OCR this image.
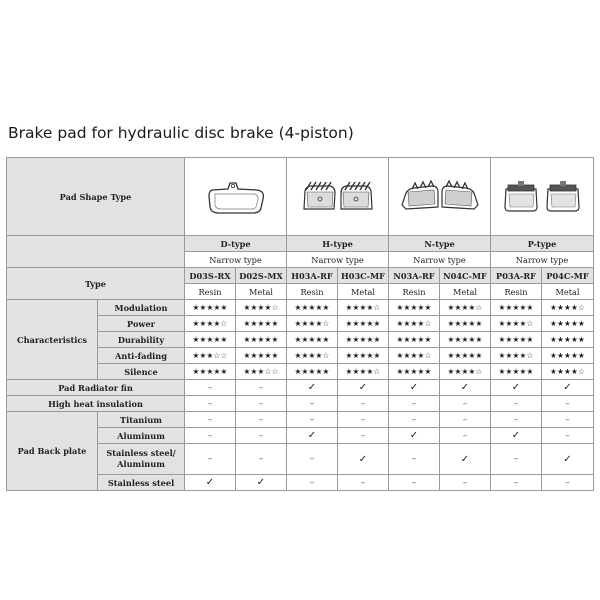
Brake pad for hydraulic disc brake (4-piston)
Pad Shape Type	

		D-type		H-type		N-type		P-type	
		Narrow type		Narrow type		Narrow type		Narrow type	
Type		D03S-RX	D02S-MX	H03A-RF	H03C-MF	N03A-RF	N04C-MF	P03A-RF	P04C-MF
		Resin	Metal	Resin	Metal	Resin	Metal	Resin	Metal
Characteristics	Modulation	★★★★★	★★★★☆	★★★★★	★★★★☆	★★★★★	★★★★☆	★★★★★	★★★★☆
	Power	★★★★☆	★★★★★	★★★★☆	★★★★★	★★★★☆	★★★★★	★★★★☆	★★★★★
	Durability	★★★★★	★★★★★	★★★★★	★★★★★	★★★★★	★★★★★	★★★★★	★★★★★
	Anti-fading	★★★☆☆	★★★★★	★★★★☆	★★★★★	★★★★☆	★★★★★	★★★★☆	★★★★★
	Silence	★★★★★	★★★☆☆	★★★★★	★★★★☆	★★★★★	★★★★☆	★★★★★	★★★★☆
Pad Radiator fin		–	–	✓	✓	✓	✓	✓	✓
High heat insulation		–	–	–	–	–	–	–	–
Pad Back plate	Titanium	–	–	–	–	–	–	–	–
	Aluminum	–	–	✓	–	✓	–	✓	–
	Stainless steel/
Aluminum	–	–	–	✓	–	✓	–	✓
	Stainless steel	✓	✓	–	–	–	–	–	–
